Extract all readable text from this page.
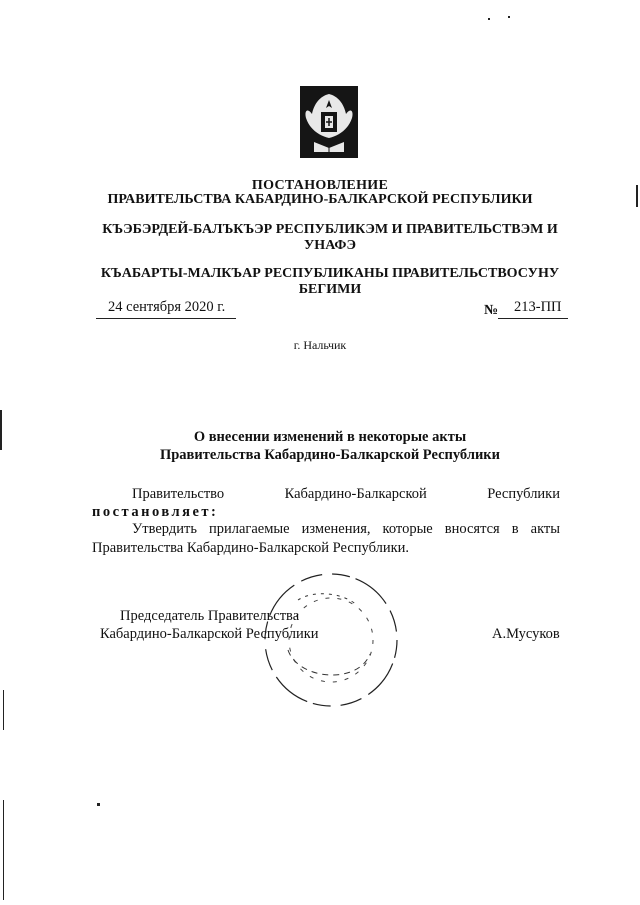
ПОСТАНОВЛЕНИЕ
ПРАВИТЕЛЬСТВА КАБАРДИНО-БАЛКАРСКОЙ РЕСПУБЛИКИ
КЪЭБЭРДЕЙ-БАЛЪКЪЭР РЕСПУБЛИКЭМ И ПРАВИТЕЛЬСТВЭМ И УНАФЭ
КЪАБАРТЫ-МАЛКЪАР РЕСПУБЛИКАНЫ ПРАВИТЕЛЬСТВОСУНУ БЕГИМИ
24 сентября 2020 г.	№ 213-ПП
г. Нальчик
О внесении изменений в некоторые акты
Правительства Кабардино-Балкарской Республики
Правительство	Кабардино-Балкарской	Республики
постановляет:
Утвердить прилагаемые изменения, которые вносятся в акты Правительства Кабардино-Балкарской Республики.
Председатель Правительства
Кабардино-Балкарской Республики	А.Мусуков
